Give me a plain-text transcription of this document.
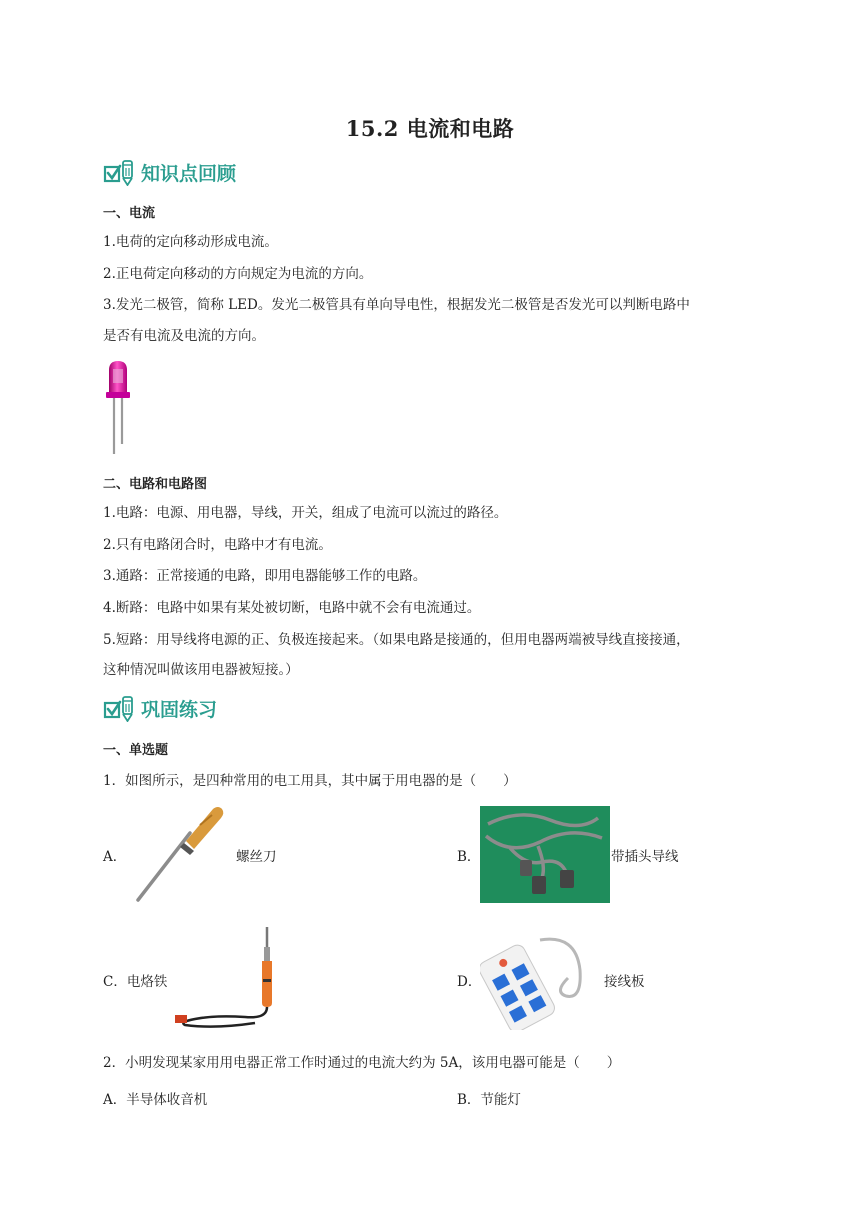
15.2 电流和电路
知识点回顾
一、电流
1.电荷的定向移动形成电流。
2.正电荷定向移动的方向规定为电流的方向。
3.发光二极管，简称 LED。发光二极管具有单向导电性，根据发光二极管是否发光可以判断电路中
是否有电流及电流的方向。
二、电路和电路图
1.电路：电源、用电器，导线，开关，组成了电流可以流过的路径。
2.只有电路闭合时，电路中才有电流。
3.通路：正常接通的电路，即用电器能够工作的电路。
4.断路：电路中如果有某处被切断，电路中就不会有电流通过。
5.短路：用导线将电源的正、负极连接起来。（如果电路是接通的，但用电器两端被导线直接接通，
这种情况叫做该用电器被短接。）
巩固练习
一、单选题
1．如图所示，是四种常用的电工用具，其中属于用电器的是（　　）
A．	螺丝刀	B．	带插头导线
C．电烙铁	D．	接线板
2．小明发现某家用用电器正常工作时通过的电流大约为 5A，该用电器可能是（　　）
A．半导体收音机	B．节能灯
